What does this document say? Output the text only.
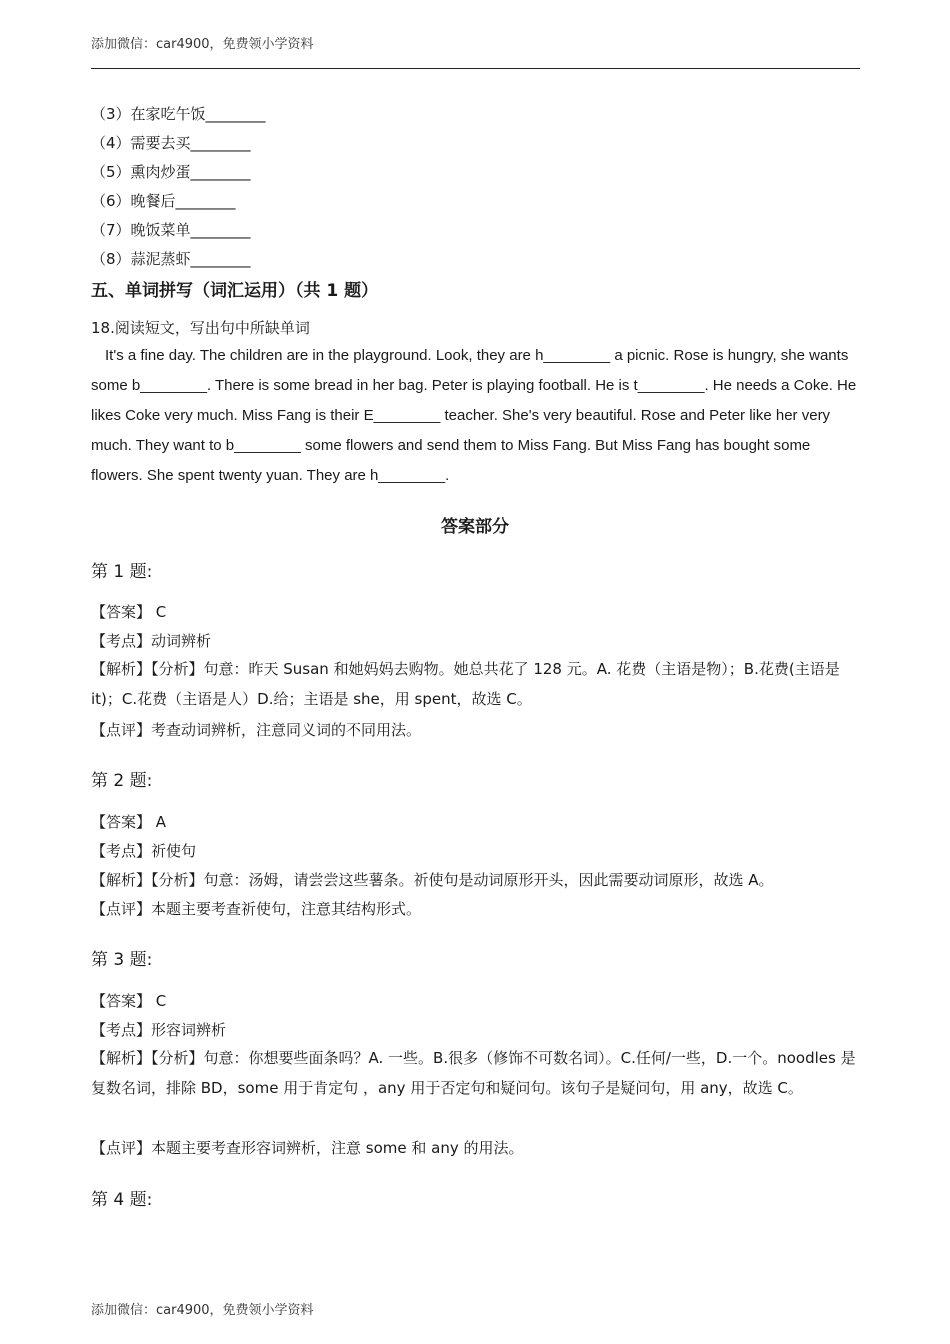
添加微信：car4900，免费领小学资料
（3）在家吃午饭________
（4）需要去买________
（5）熏肉炒蛋________
（6）晚餐后________
（7）晚饭菜单________
（8）蒜泥蒸虾________
五、单词拼写（词汇运用）（共 1 题）
18.阅读短文，写出句中所缺单词

It's a fine day. The children are in the playground. Look, they are h________ a picnic. Rose is hungry, she wants some b________. There is some bread in her bag. Peter is playing football. He is t________. He needs a Coke. He likes Coke very much. Miss Fang is their E________ teacher. She's very beautiful. Rose and Peter like her very much. They want to b________ some flowers and send them to Miss Fang. But Miss Fang has bought some flowers. She spent twenty yuan. They are h________.

答案部分
第 1 题:
【答案】 C
【考点】动词辨析
【解析】【分析】句意：昨天 Susan 和她妈妈去购物。她总共花了 128 元。A. 花费（主语是物）；B.花费(主语是 it)；C.花费（主语是人）D.给；主语是 she，用 spent，故选 C。
【点评】考查动词辨析，注意同义词的不同用法。
第 2 题:
【答案】 A
【考点】祈使句
【解析】【分析】句意：汤姆，请尝尝这些薯条。祈使句是动词原形开头，因此需要动词原形，故选 A。
【点评】本题主要考查祈使句，注意其结构形式。
第 3 题:
【答案】 C
【考点】形容词辨析
【解析】【分析】句意：你想要些面条吗？A. 一些。B.很多（修饰不可数名词）。C.任何/一些，D.一个。noodles 是复数名词，排除 BD，some 用于肯定句 ，any 用于否定句和疑问句。该句子是疑问句，用 any，故选 C。
【点评】本题主要考查形容词辨析，注意 some 和 any 的用法。
第 4 题:
添加微信：car4900，免费领小学资料
